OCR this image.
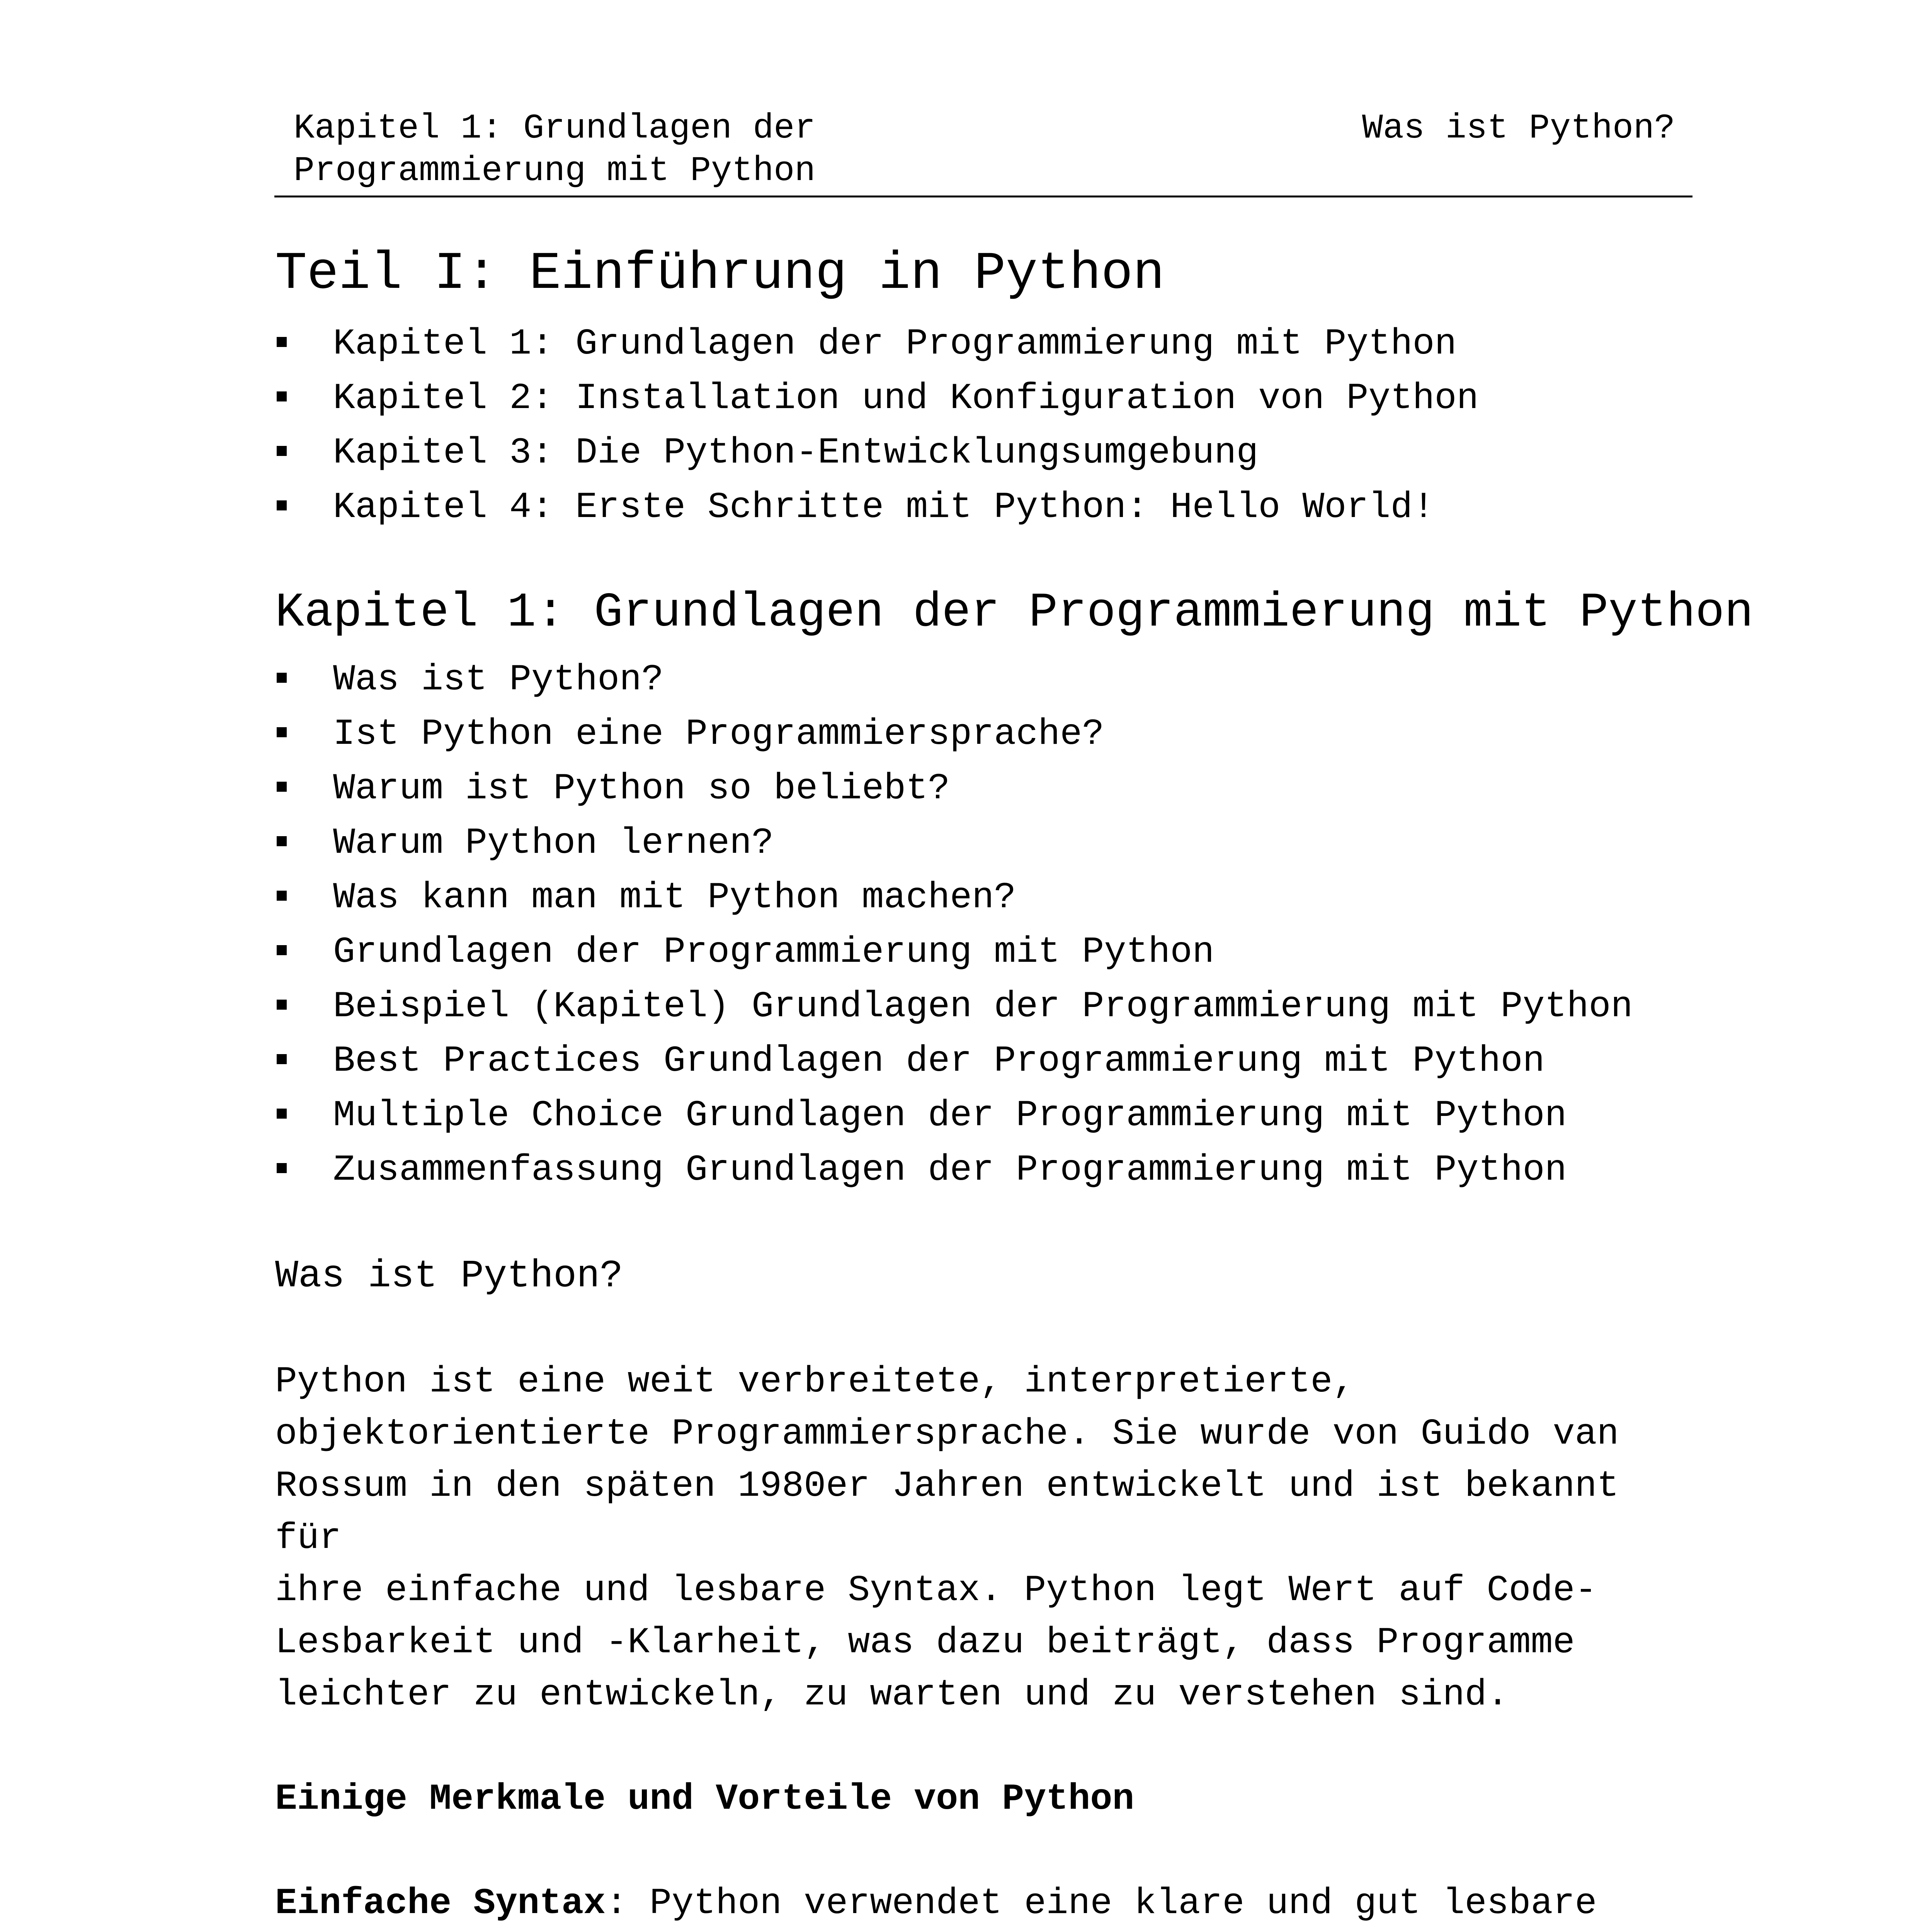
Kapitel 1: Grundlagen der
Programmierung mit Python
Was ist Python?
Teil I: Einführung in Python
Kapitel 1: Grundlagen der Programmierung mit Python
Kapitel 2: Installation und Konfiguration von Python
Kapitel 3: Die Python-Entwicklungsumgebung
Kapitel 4: Erste Schritte mit Python: Hello World!
Kapitel 1: Grundlagen der Programmierung mit Python
Was ist Python?
Ist Python eine Programmiersprache?
Warum ist Python so beliebt?
Warum Python lernen?
Was kann man mit Python machen?
Grundlagen der Programmierung mit Python
Beispiel (Kapitel) Grundlagen der Programmierung mit Python
Best Practices Grundlagen der Programmierung mit Python
Multiple Choice Grundlagen der Programmierung mit Python
Zusammenfassung Grundlagen der Programmierung mit Python
Was ist Python?

Python ist eine weit verbreitete, interpretierte,
objektorientierte Programmiersprache. Sie wurde von Guido van
Rossum in den späten 1980er Jahren entwickelt und ist bekannt für
ihre einfache und lesbare Syntax. Python legt Wert auf Code-
Lesbarkeit und -Klarheit, was dazu beiträgt, dass Programme
leichter zu entwickeln, zu warten und zu verstehen sind.

Einige Merkmale und Vorteile von Python

Einfache Syntax: Python verwendet eine klare und gut lesbare
